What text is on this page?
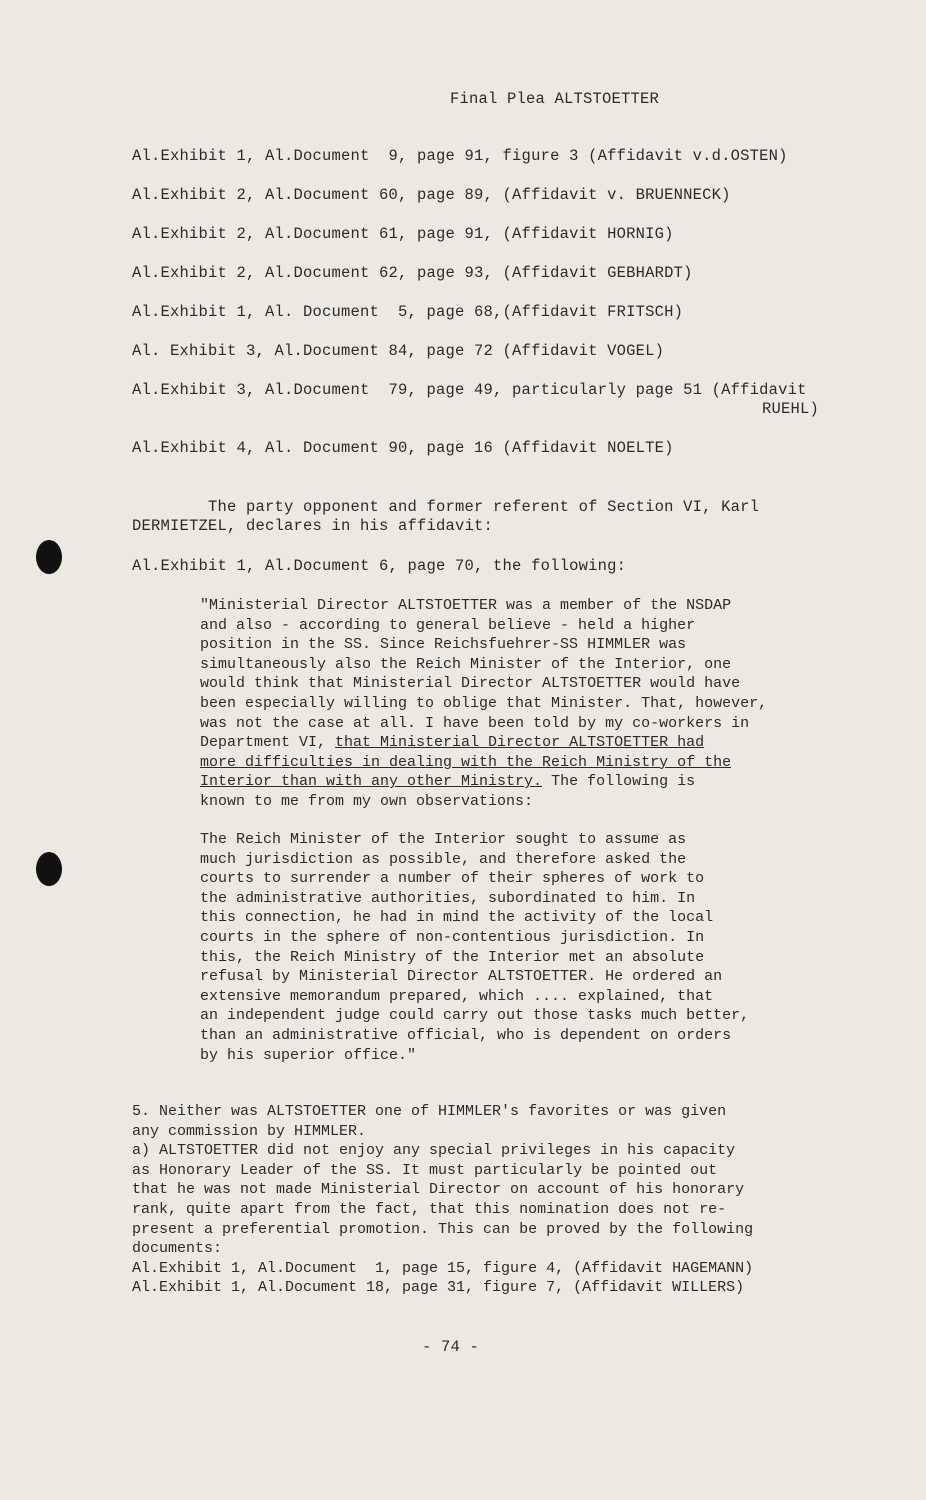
Final Plea ALTSTOETTER
Al.Exhibit 1, Al.Document  9, page 91, figure 3 (Affidavit v.d.OSTEN)
Al.Exhibit 2, Al.Document 60, page 89, (Affidavit v. BRUENNECK)
Al.Exhibit 2, Al.Document 61, page 91, (Affidavit HORNIG)
Al.Exhibit 2, Al.Document 62, page 93, (Affidavit GEBHARDT)
Al.Exhibit 1, Al. Document  5, page 68,(Affidavit FRITSCH)
Al. Exhibit 3, Al.Document 84, page 72 (Affidavit VOGEL)
Al.Exhibit 3, Al.Document  79, page 49, particularly page 51 (Affidavit
RUEHL)
Al.Exhibit 4, Al. Document 90, page 16 (Affidavit NOELTE)
The party opponent and former referent of Section VI, Karl
DERMIETZEL, declares in his affidavit:
Al.Exhibit 1, Al.Document 6, page 70, the following:
"Ministerial Director ALTSTOETTER was a member of the NSDAP
and also - according to general believe - held a higher
position in the SS. Since Reichsfuehrer-SS HIMMLER was
simultaneously also the Reich Minister of the Interior, one
would think that Ministerial Director ALTSTOETTER would have
been especially willing to oblige that Minister. That, however,
was not the case at all. I have been told by my co-workers in
Department VI, that Ministerial Director ALTSTOETTER had
more difficulties in dealing with the Reich Ministry of the
Interior than with any other Ministry. The following is
known to me from my own observations:
The Reich Minister of the Interior sought to assume as
much jurisdiction as possible, and therefore asked the
courts to surrender a number of their spheres of work to
the administrative authorities, subordinated to him. In
this connection, he had in mind the activity of the local
courts in the sphere of non-contentious jurisdiction. In
this, the Reich Ministry of the Interior met an absolute
refusal by Ministerial Director ALTSTOETTER. He ordered an
extensive memorandum prepared, which .... explained, that
an independent judge could carry out those tasks much better,
than an administrative official, who is dependent on orders
by his superior office."
5. Neither was ALTSTOETTER one of HIMMLER's favorites or was given
any commission by HIMMLER.
a) ALTSTOETTER did not enjoy any special privileges in his capacity
as Honorary Leader of the SS. It must particularly be pointed out
that he was not made Ministerial Director on account of his honorary
rank, quite apart from the fact, that this nomination does not re-
present a preferential promotion. This can be proved by the following
documents:
Al.Exhibit 1, Al.Document  1, page 15, figure 4, (Affidavit HAGEMANN)
Al.Exhibit 1, Al.Document 18, page 31, figure 7, (Affidavit WILLERS)
- 74 -
